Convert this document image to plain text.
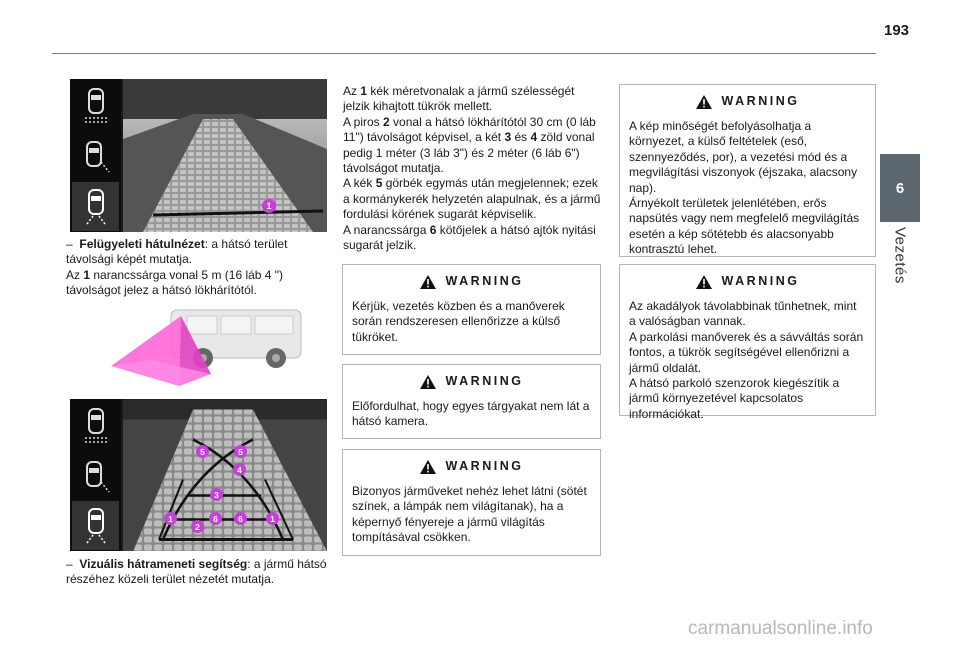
193
6
Vezetés
1

– Felügyeleti hátulnézet: a hátsó terület távolsági képét mutatja.

Az 1 narancssárga vonal 5 m (16 láb 4 ") távolságot jelez a hátsó lökhárítótól.

5	5
4
3
1
2
6	6	1

– Vizuális hátrameneti segítség: a jármű hátsó részéhez közeli terület nézetét mutatja.

Az 1 kék méretvonalak a jármű szélességét jelzik kihajtott tükrök mellett.

A piros 2 vonal a hátsó lökhárítótól 30 cm (0 láb 11") távolságot képvisel, a két 3 és 4 zöld vonal pedig 1 méter (3 láb 3") és 2 méter (6 láb 6") távolságot mutatja.

A kék 5 görbék egymás után megjelennek; ezek a kormánykerék helyzetén alapulnak, és a jármű fordulási körének sugarát képviselik.

A narancssárga 6 kötőjelek a hátsó ajtók nyitási sugarát jelzik.

WARNING

Kérjük, vezetés közben és a manőverek során rendszeresen ellenőrizze a külső tükröket.

WARNING

Előfordulhat, hogy egyes tárgyakat nem lát a hátsó kamera.

WARNING

Bizonyos járműveket nehéz lehet látni (sötét színek, a lámpák nem világítanak), ha a képernyő fényereje a jármű világítás tompításával csökken.

WARNING

A kép minőségét befolyásolhatja a környezet, a külső feltételek (eső, szennyeződés, por), a vezetési mód és a megvilágítási viszonyok (éjszaka, alacsony nap).

Árnyékolt területek jelenlétében, erős napsütés vagy nem megfelelő megvilágítás esetén a kép sötétebb és alacsonyabb kontrasztú lehet.

WARNING

Az akadályok távolabbinak tűnhetnek, mint a valóságban vannak.

A parkolási manőverek és a sávváltás során fontos, a tükrök segítségével ellenőrizni a jármű oldalát.

A hátsó parkoló szenzorok kiegészítik a jármű környezetével kapcsolatos információkat.

carmanualsonline.info
